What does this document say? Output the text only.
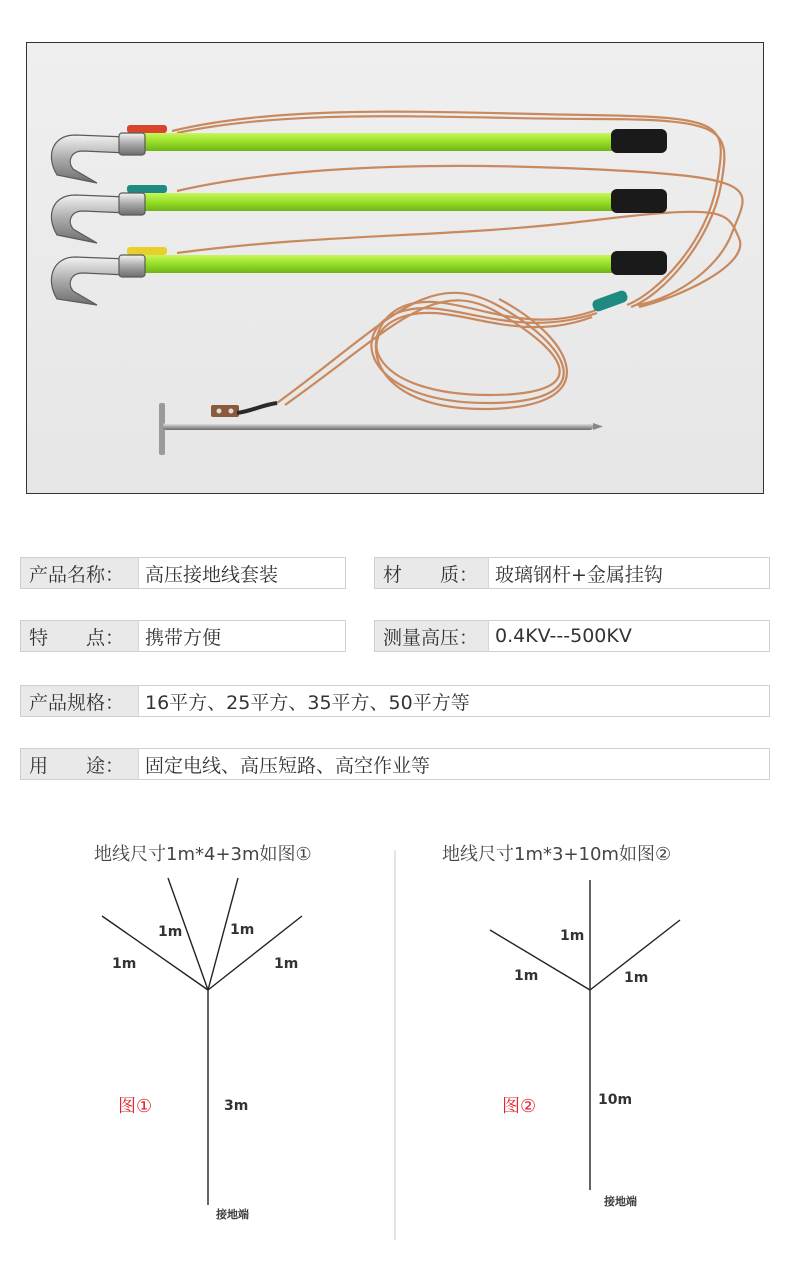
产品名称：	高压接地线套装	材　　质： 玻璃钢杆+金属挂钩
特　　点：	携带方便	测量高压： 0.4KV---500KV
产品规格：	16平方、25平方、35平方、50平方等
用　　途：	固定电线、高压短路、高空作业等
地线尺寸1m*4+3m如图①	地线尺寸1m*3+10m如图②
1m
1m	1m
1m
3m
图①
接地端
1m
1m
1m
10m
图②
接地端
